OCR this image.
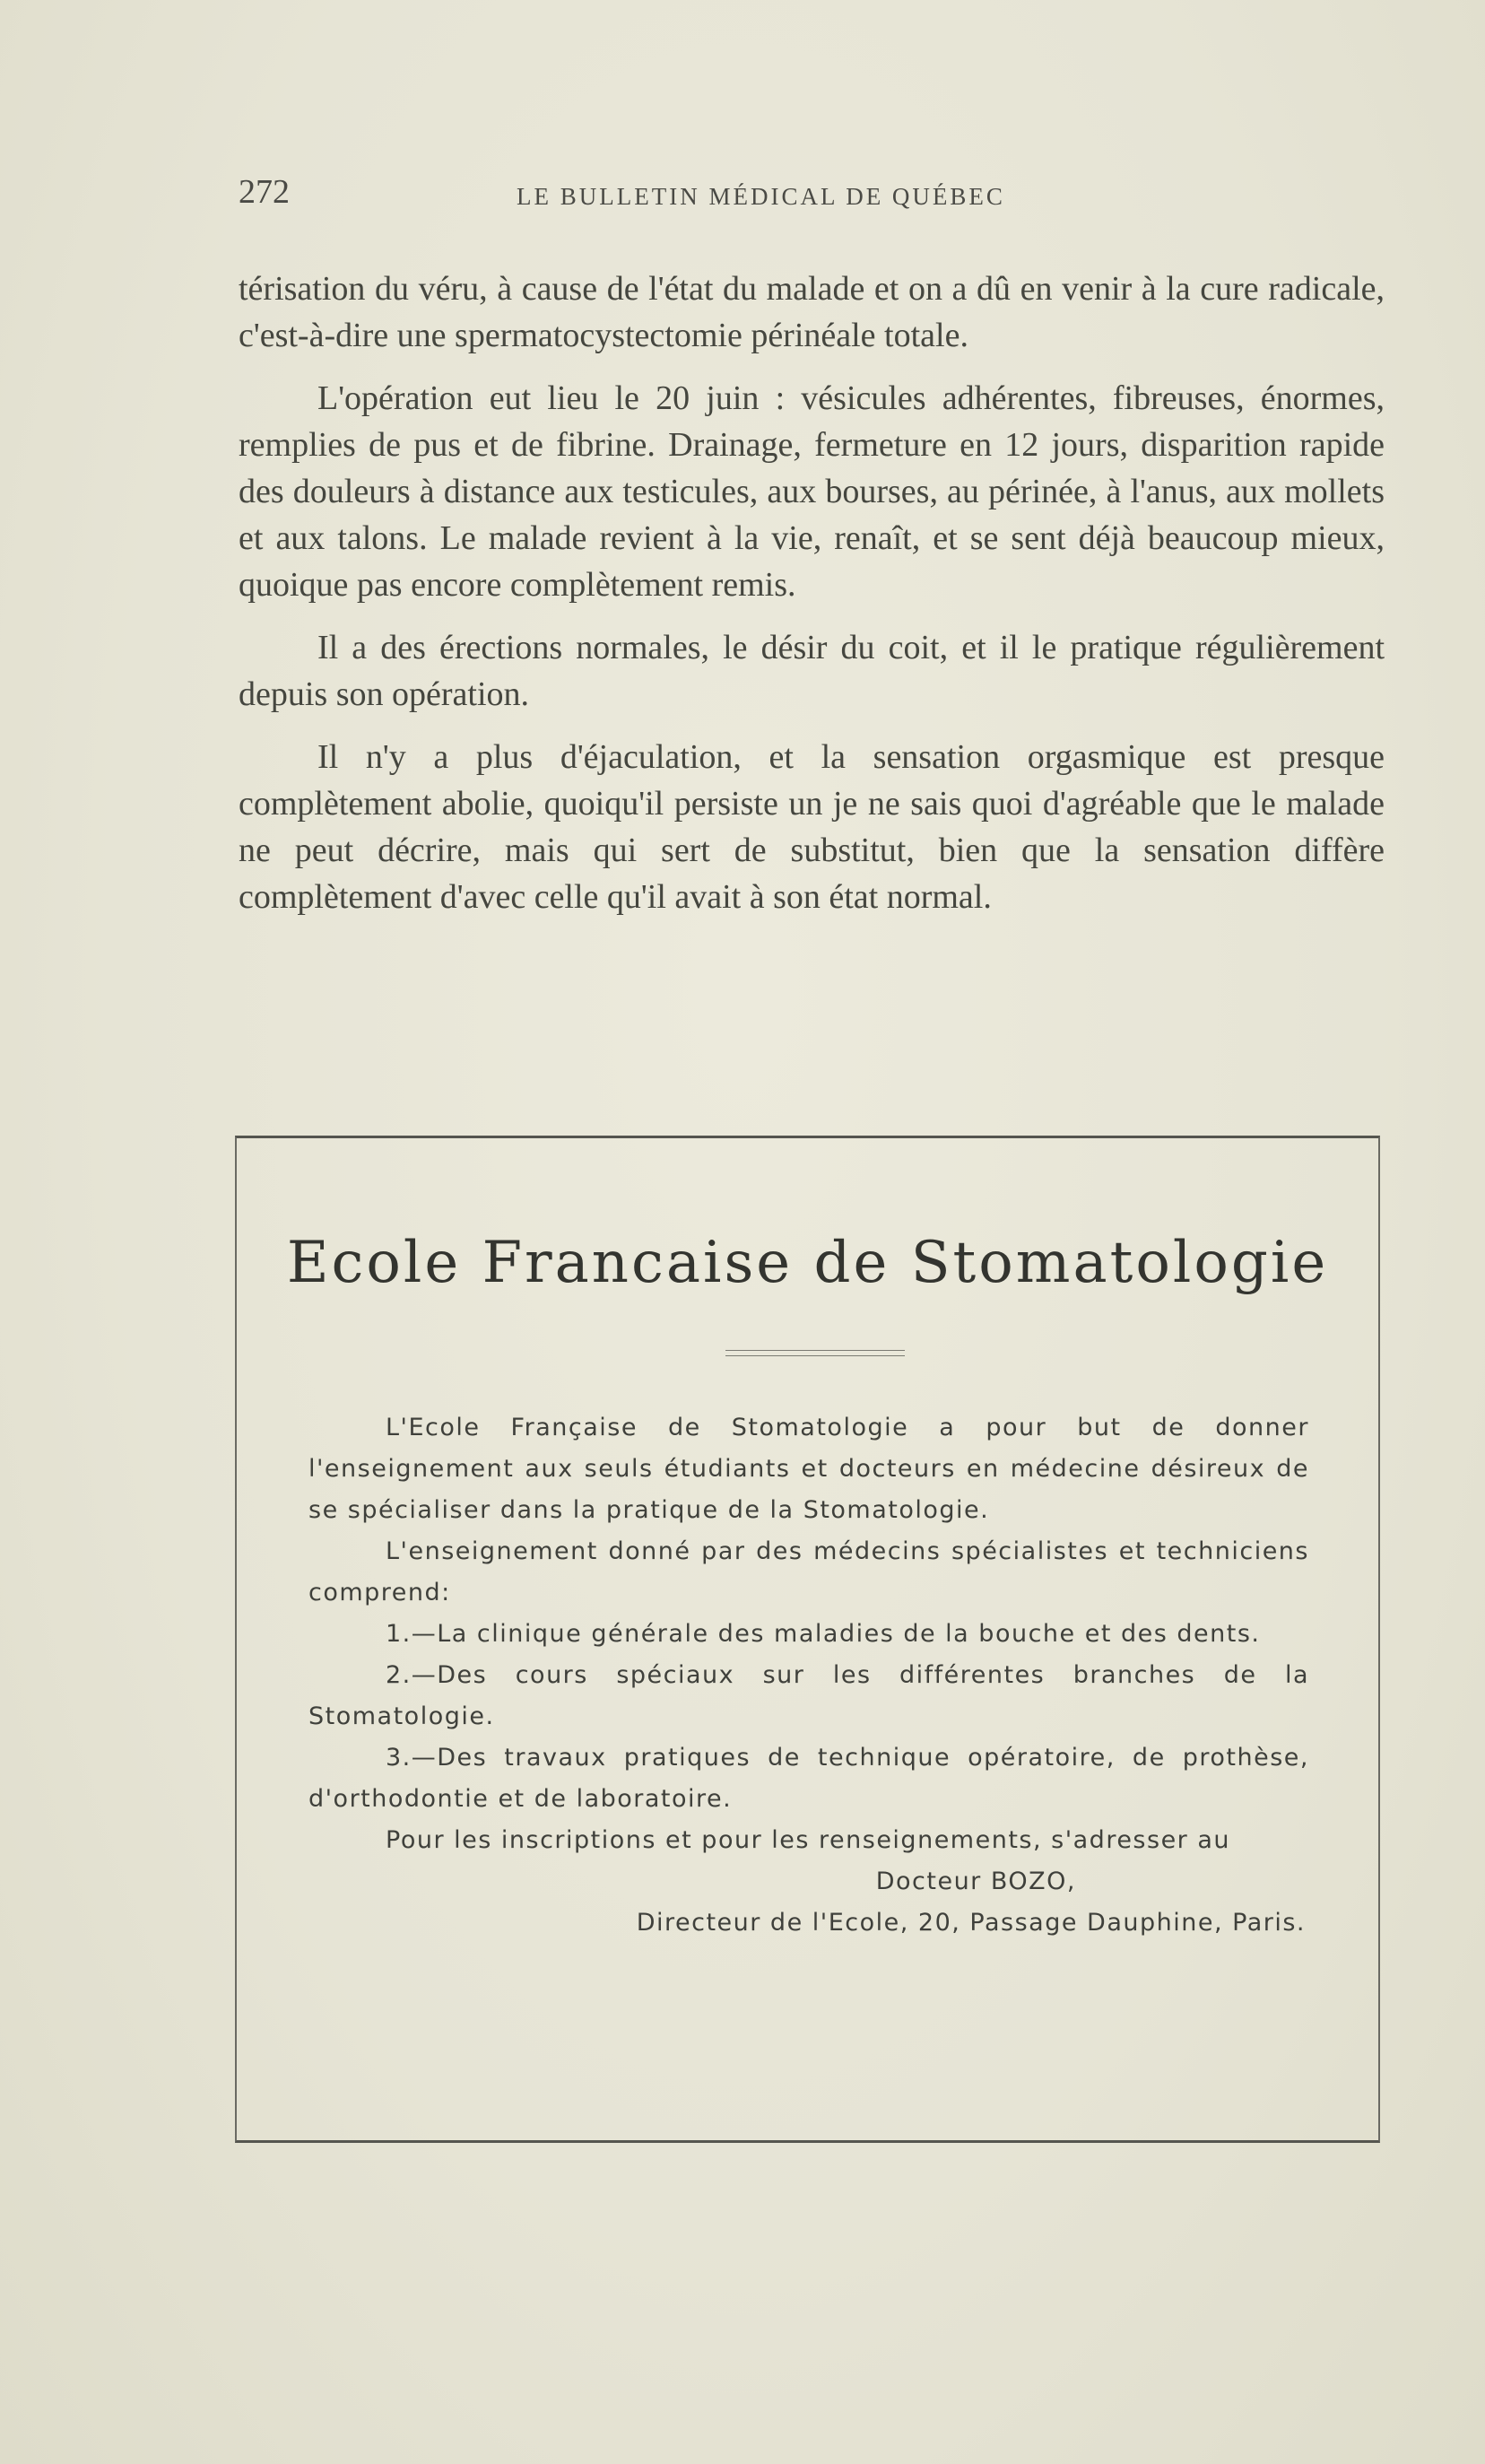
272	LE BULLETIN MÉDICAL DE QUÉBEC

térisation du véru, à cause de l'état du malade et on a dû en venir à la cure radicale, c'est-à-dire une spermatocystectomie périnéale totale.

L'opération eut lieu le 20 juin : vésicules adhérentes, fibreuses, énormes, remplies de pus et de fibrine. Drainage, fermeture en 12 jours, disparition rapide des douleurs à distance aux testicules, aux bourses, au périnée, à l'anus, aux mollets et aux talons. Le malade revient à la vie, renaît, et se sent déjà beaucoup mieux, quoique pas encore complètement remis.

Il a des érections normales, le désir du coit, et il le pratique régulièrement depuis son opération.

Il n'y a plus d'éjaculation, et la sensation orgasmique est presque complètement abolie, quoiqu'il persiste un je ne sais quoi d'agréable que le malade ne peut décrire, mais qui sert de substitut, bien que la sensation diffère complètement d'avec celle qu'il avait à son état normal.

Ecole Francaise de Stomatologie

L'Ecole Française de Stomatologie a pour but de donner l'enseignement aux seuls étudiants et docteurs en médecine désireux de se spécialiser dans la pratique de la Stomatologie.

L'enseignement donné par des médecins spécialistes et techniciens comprend:

1.—La clinique générale des maladies de la bouche et des dents.

2.—Des cours spéciaux sur les différentes branches de la Stomatologie.

3.—Des travaux pratiques de technique opératoire, de prothèse, d'orthodontie et de laboratoire.

Pour les inscriptions et pour les renseignements, s'adresser au

Docteur BOZO,

Directeur de l'Ecole, 20, Passage Dauphine, Paris.
